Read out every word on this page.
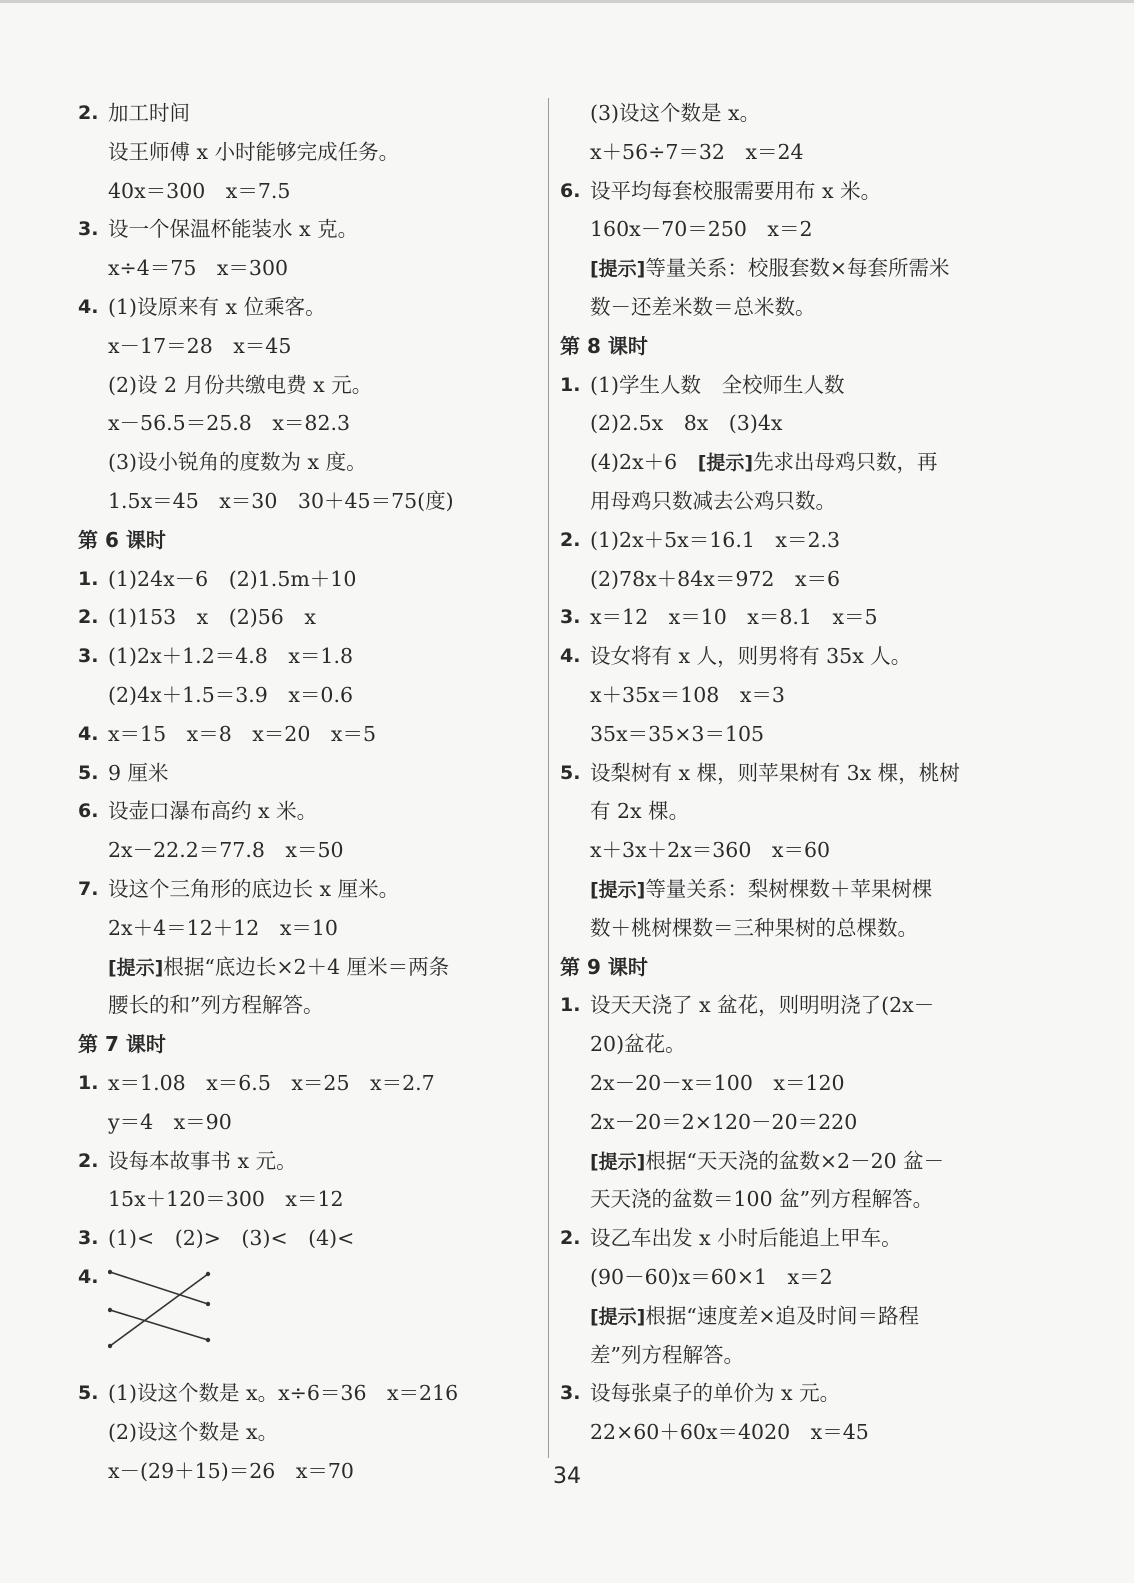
2. 加工时间
设王师傅 x 小时能够完成任务。
40x＝300　x＝7.5
3. 设一个保温杯能装水 x 克。
x÷4＝75　x＝300
4. (1)设原来有 x 位乘客。
x－17＝28　x＝45
(2)设 2 月份共缴电费 x 元。
x－56.5＝25.8　x＝82.3
(3)设小锐角的度数为 x 度。
1.5x＝45　x＝30　30＋45＝75(度)
第 6 课时
1. (1)24x－6　(2)1.5m＋10
2. (1)153　x　(2)56　x
3. (1)2x＋1.2＝4.8　x＝1.8
(2)4x＋1.5＝3.9　x＝0.6
4. x＝15　x＝8　x＝20　x＝5
5. 9 厘米
6. 设壶口瀑布高约 x 米。
2x－22.2＝77.8　x＝50
7. 设这个三角形的底边长 x 厘米。
2x＋4＝12＋12　x＝10
[提示]根据“底边长×2＋4 厘米＝两条
腰长的和”列方程解答。
第 7 课时
1. x＝1.08　x＝6.5　x＝25　x＝2.7
y＝4　x＝90
2. 设每本故事书 x 元。
15x＋120＝300　x＝12
3. (1)<　(2)>　(3)<　(4)<
4.
5. (1)设这个数是 x。x÷6＝36　x＝216
(2)设这个数是 x。
x－(29＋15)＝26　x＝70
(3)设这个数是 x。
x＋56÷7＝32　x＝24
6. 设平均每套校服需要用布 x 米。
160x－70＝250　x＝2
[提示]等量关系：校服套数×每套所需米
数－还差米数＝总米数。
第 8 课时
1. (1)学生人数　全校师生人数
(2)2.5x　8x　(3)4x
(4)2x＋6　[提示]先求出母鸡只数，再
用母鸡只数减去公鸡只数。
2. (1)2x＋5x＝16.1　x＝2.3
(2)78x＋84x＝972　x＝6
3. x＝12　x＝10　x＝8.1　x＝5
4. 设女将有 x 人，则男将有 35x 人。
x＋35x＝108　x＝3
35x＝35×3＝105
5. 设梨树有 x 棵，则苹果树有 3x 棵，桃树
有 2x 棵。
x＋3x＋2x＝360　x＝60
[提示]等量关系：梨树棵数＋苹果树棵
数＋桃树棵数＝三种果树的总棵数。
第 9 课时
1. 设天天浇了 x 盆花，则明明浇了(2x－
20)盆花。
2x－20－x＝100　x＝120
2x－20＝2×120－20＝220
[提示]根据“天天浇的盆数×2－20 盆－
天天浇的盆数＝100 盆”列方程解答。
2. 设乙车出发 x 小时后能追上甲车。
(90－60)x＝60×1　x＝2
[提示]根据“速度差×追及时间＝路程
差”列方程解答。
3. 设每张桌子的单价为 x 元。
22×60＋60x＝4020　x＝45
34
